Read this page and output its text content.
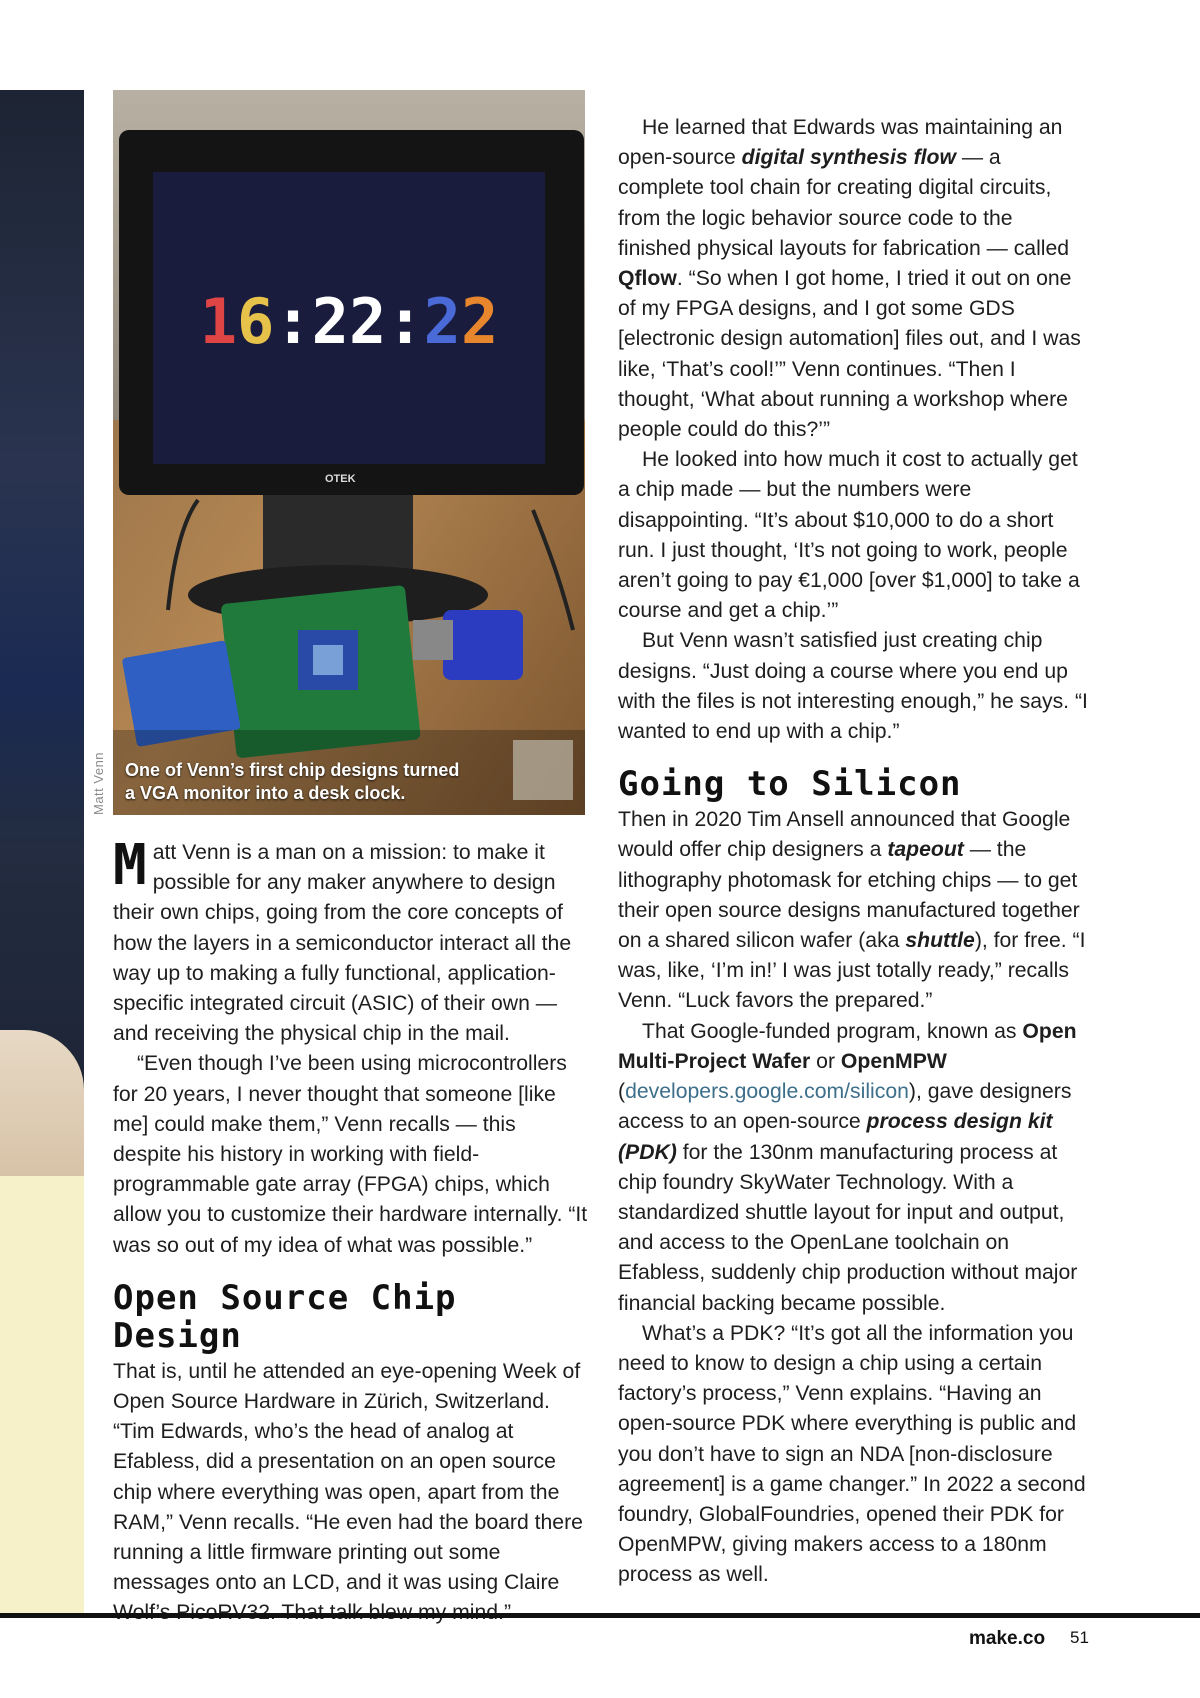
16:22:22
OTEK
One of Venn’s first chip designs turned
a VGA monitor into a desk clock.
Matt Venn

Matt Venn is a man on a mission: to make it possible for any maker anywhere to design their own chips, going from the core concepts of how the layers in a semiconductor interact all the way up to making a fully functional, application-specific integrated circuit (ASIC) of their own — and receiving the physical chip in the mail.

“Even though I’ve been using microcontrollers for 20 years, I never thought that someone [like me] could make them,” Venn recalls — this despite his history in working with field-programmable gate array (FPGA) chips, which allow you to customize their hardware internally. “It was so out of my idea of what was possible.”

Open Source Chip Design

That is, until he attended an eye-opening Week of Open Source Hardware in Zürich, Switzerland. “Tim Edwards, who’s the head of analog at Efabless, did a presentation on an open source chip where everything was open, apart from the RAM,” Venn recalls. “He even had the board there running a little firmware printing out some messages onto an LCD, and it was using Claire

He learned that Edwards was maintaining an open-source digital synthesis flow — a complete tool chain for creating digital circuits, from the logic behavior source code to the finished physical layouts for fabrication — called Qflow. “So when I got home, I tried it out on one of my FPGA designs, and I got some GDS [electronic design automation] files out, and I was like, ‘That’s cool!’” Venn continues. “Then I thought, ‘What about running a workshop where people could do this?’”

He looked into how much it cost to actually get a chip made — but the numbers were disappointing. “It’s about $10,000 to do a short run. I just thought, ‘It’s not going to work, people aren’t going to pay €1,000 [over $1,000] to take a course and get a chip.’”

But Venn wasn’t satisfied just creating chip designs. “Just doing a course where you end up with the files is not interesting enough,” he says. “I wanted to end up with a chip.”

Going to Silicon

Then in 2020 Tim Ansell announced that Google would offer chip designers a tapeout — the lithography photomask for etching chips — to get their open source designs manufactured together on a shared silicon wafer (aka shuttle), for free. “I was, like, ‘I’m in!’ I was just totally ready,” recalls Venn. “Luck favors the prepared.”

That Google-funded program, known as Open Multi-Project Wafer or OpenMPW (developers.google.com/silicon), gave designers access to an open-source process design kit (PDK) for the 130nm manufacturing process at chip foundry SkyWater Technology. With a standardized shuttle layout for input and output, and access to the OpenLane toolchain on Efabless, suddenly chip production without major financial backing became possible.

What’s a PDK? “It’s got all the information you need to know to design a chip using a certain factory’s process,” Venn explains. “Having an open-source PDK where everything is public and you don’t have to sign an NDA [non-disclosure agreement] is a game changer.” In 2022 a second foundry, GlobalFoundries, opened their PDK for OpenMPW, giving makers access to a 180nm process as well.

make.co 51
